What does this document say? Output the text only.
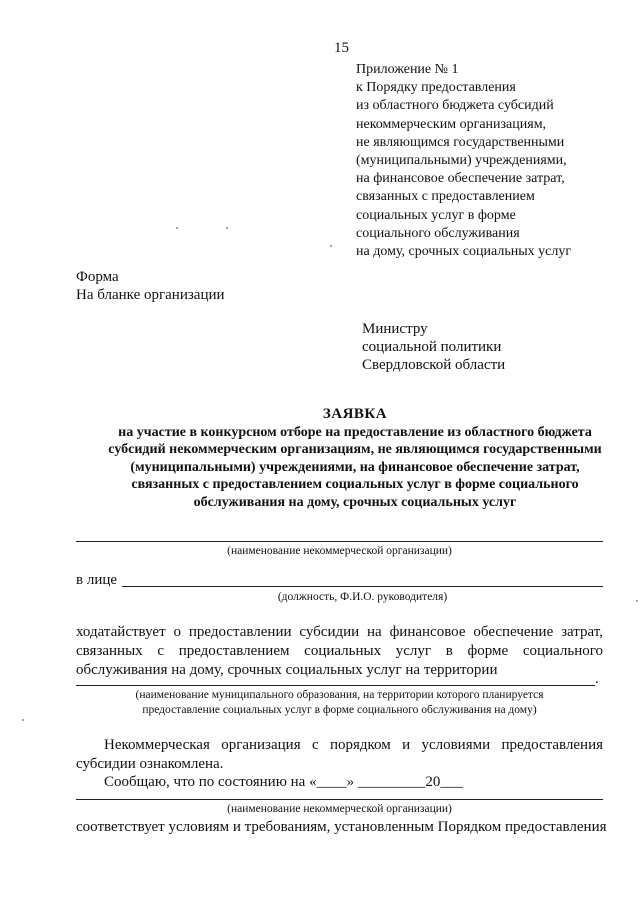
15
Приложение № 1
к Порядку предоставления
из областного бюджета субсидий
некоммерческим организациям,
не являющимся государственными
(муниципальными) учреждениями,
на финансовое обеспечение затрат,
связанных с предоставлением
социальных услуг в форме
социального обслуживания
на дому, срочных социальных услуг
Форма
На бланке организации
Министру
социальной политики
Свердловской области
ЗАЯВКА
на участие в конкурсном отборе на предоставление из областного бюджета
субсидий некоммерческим организациям, не являющимся государственными
(муниципальными) учреждениями, на финансовое обеспечение затрат,
связанных с предоставлением социальных услуг в форме социального
обслуживания на дому, срочных социальных услуг
(наименование некоммерческой организации)
в лице
(должность, Ф.И.О. руководителя)
ходатайствует о предоставлении субсидии на финансовое обеспечение затрат,
связанных с предоставлением социальных услуг в форме социального
обслуживания на дому, срочных социальных услуг на территории
.
(наименование муниципального образования, на территории которого планируется
предоставление социальных услуг в форме социального обслуживания на дому)
Некоммерческая организация с порядком и условиями предоставления
субсидии ознакомлена.
Сообщаю, что по состоянию на «____» _________20___
(наименование некоммерческой организации)
соответствует условиям и требованиям, установленным Порядком предоставления
